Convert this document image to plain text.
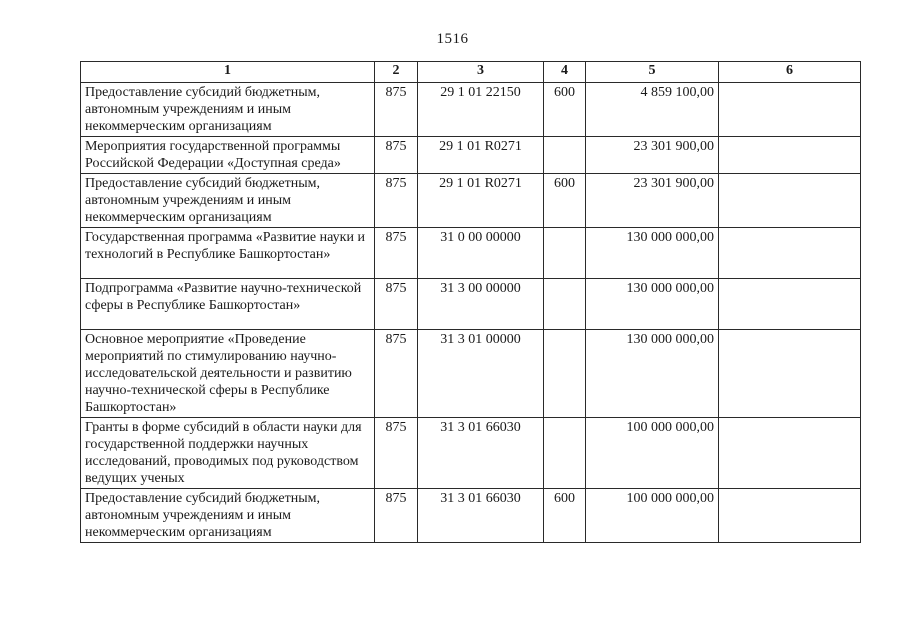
1516
1	2	3	4	5	6
Предоставление субсидий бюджетным, автономным учреждениям и иным некоммерческим организациям	875	29 1 01 22150	600	4 859 100,00	
Мероприятия государственной программы Российской Федерации «Доступная среда»	875	29 1 01 R0271		23 301 900,00	
Предоставление субсидий бюджетным, автономным учреждениям и иным некоммерческим организациям	875	29 1 01 R0271	600	23 301 900,00	
Государственная программа «Развитие науки и технологий в Республике Башкортостан»	875	31 0 00 00000		130 000 000,00	
Подпрограмма «Развитие научно-технической сферы в Республике Башкортостан»	875	31 3 00 00000		130 000 000,00	
Основное мероприятие «Проведение мероприятий по стимулированию научно-исследовательской деятельности и развитию научно-технической сферы в Республике Башкортостан»	875	31 3 01 00000		130 000 000,00	
Гранты в форме субсидий в области науки для государственной поддержки научных исследований, проводимых под руководством ведущих ученых	875	31 3 01 66030		100 000 000,00	
Предоставление субсидий бюджетным, автономным учреждениям и иным некоммерческим организациям	875	31 3 01 66030	600	100 000 000,00	
